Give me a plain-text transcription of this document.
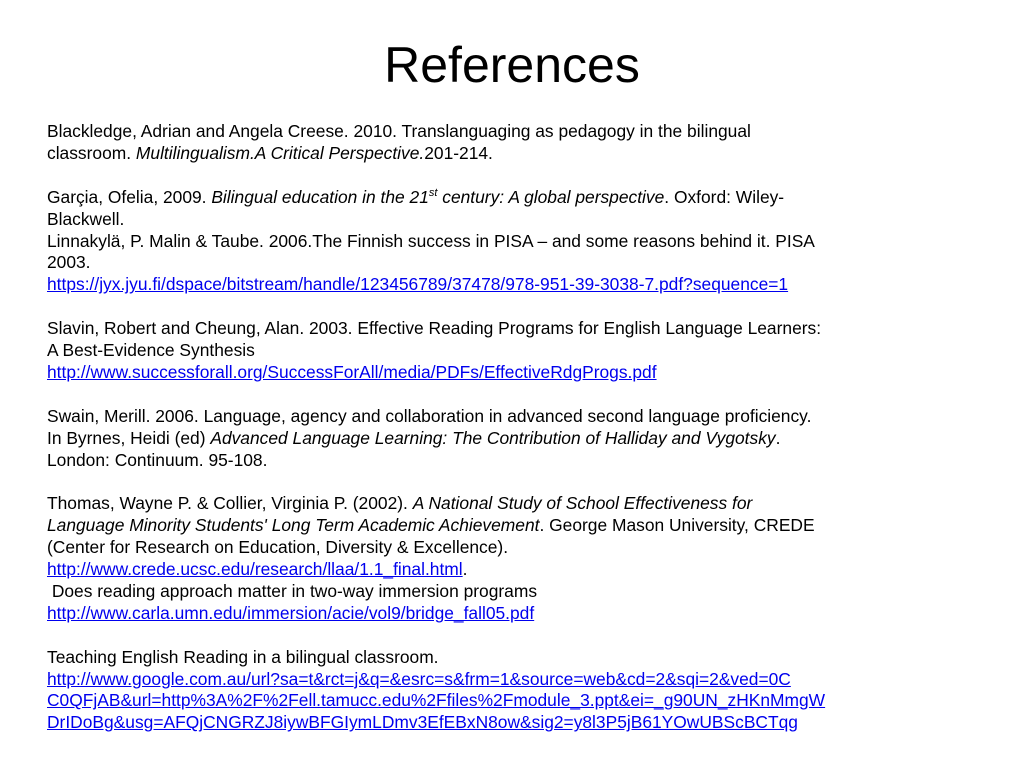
References
Blackledge, Adrian and Angela Creese. 2010. Translanguaging as pedagogy in the bilingual
classroom. Multilingualism.A Critical Perspective.201-214.
Garçia, Ofelia, 2009. Bilingual education in the 21st century: A global perspective. Oxford: Wiley-
Blackwell.
Linnakylä, P. Malin & Taube. 2006.The Finnish success in PISA – and some reasons behind it. PISA
2003.
https://jyx.jyu.fi/dspace/bitstream/handle/123456789/37478/978-951-39-3038-7.pdf?sequence=1
Slavin, Robert and Cheung, Alan. 2003. Effective Reading Programs for English Language Learners:
A Best-Evidence Synthesis
http://www.successforall.org/SuccessForAll/media/PDFs/EffectiveRdgProgs.pdf
Swain, Merill. 2006. Language, agency and collaboration in advanced second language proficiency.
In Byrnes, Heidi (ed) Advanced Language Learning: The Contribution of Halliday and Vygotsky.
London: Continuum. 95-108.
Thomas, Wayne P. & Collier, Virginia P. (2002). A National Study of School Effectiveness for
Language Minority Students' Long Term Academic Achievement. George Mason University, CREDE
(Center for Research on Education, Diversity & Excellence).
http://www.crede.ucsc.edu/research/llaa/1.1_final.html.
Does reading approach matter in two-way immersion programs
http://www.carla.umn.edu/immersion/acie/vol9/bridge_fall05.pdf
Teaching English Reading in a bilingual classroom.
http://www.google.com.au/url?sa=t&rct=j&q=&esrc=s&frm=1&source=web&cd=2&sqi=2&ved=0C
C0QFjAB&url=http%3A%2F%2Fell.tamucc.edu%2Ffiles%2Fmodule_3.ppt&ei=_g90UN_zHKnMmgW
DrIDoBg&usg=AFQjCNGRZJ8iywBFGIymLDmv3EfEBxN8ow&sig2=y8l3P5jB61YOwUBScBCTqg
